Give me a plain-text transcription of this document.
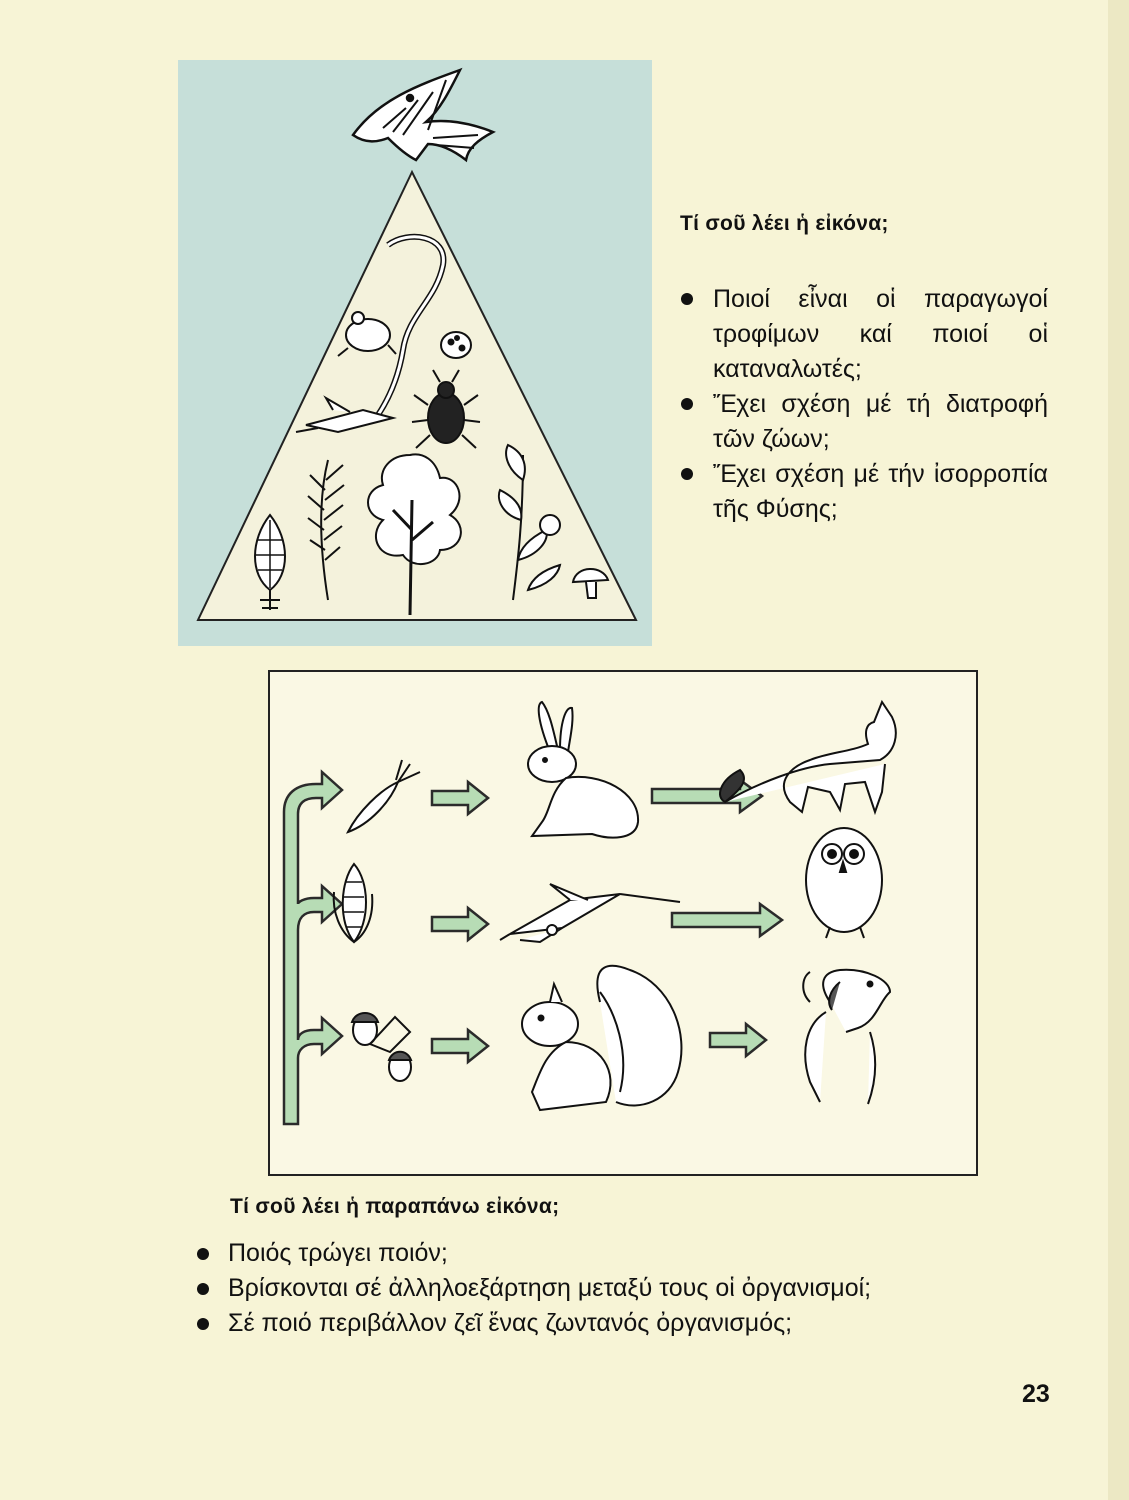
Τί σοῦ λέει ἡ εἰκόνα;
Ποιοί εἶναι οἱ παραγωγοί τροφίμων καί ποιοί οἱ καταναλωτές;
Ἔχει σχέση μέ τή διατροφή τῶν ζώων;
Ἔχει σχέση μέ τήν ἰσορροπία τῆς Φύσης;
Τί σοῦ λέει ἡ παραπάνω εἰκόνα;
Ποιός τρώγει ποιόν;
Βρίσκονται σέ ἀλληλοεξάρτηση μεταξύ τους οἱ ὀργανισμοί;
Σέ ποιό περιβάλλον ζεῖ ἕνας ζωντανός ὀργανισμός;

23
